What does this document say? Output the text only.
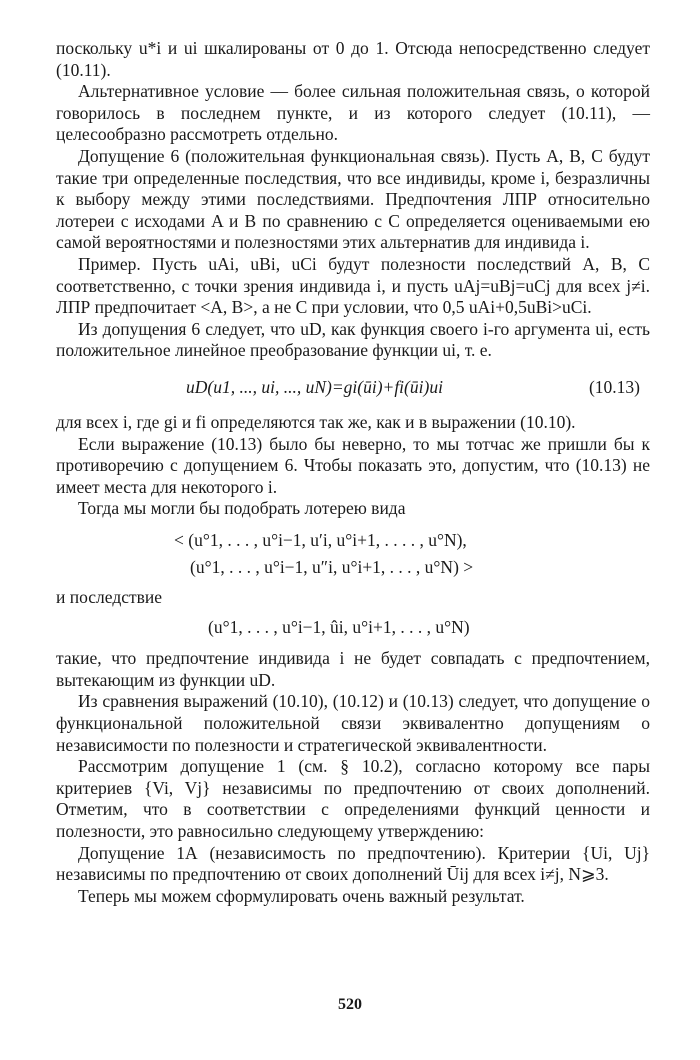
поскольку u*i и ui шкалированы от 0 до 1. Отсюда непосредственно следует (10.11).

Альтернативное условие — более сильная положительная связь, о которой говорилось в последнем пункте, и из которого следует (10.11), — целесообразно рассмотреть отдельно.

Допущение 6 (положительная функциональная связь). Пусть A, B, C будут такие три определенные последствия, что все индивиды, кроме i, безразличны к выбору между этими последствиями. Предпочтения ЛПР относительно лотереи с исходами A и B по сравнению с C определяется оцениваемыми ею самой вероятностями и полезностями этих альтернатив для индивида i.

Пример. Пусть uAi, uBi, uCi будут полезности последствий A, B, C соответственно, с точки зрения индивида i, и пусть uAj=uBj=uCj для всех j≠i. ЛПР предпочитает <A, B>, а не C при условии, что 0,5 uAi+0,5uBi>uCi.

Из допущения 6 следует, что uD, как функция своего i-го аргумента ui, есть положительное линейное преобразование функции ui, т. е.

uD(u1, ..., ui, ..., uN)=gi(ūi)+fi(ūi)ui	(10.13)

для всех i, где gi и fi определяются так же, как и в выражении (10.10).

Если выражение (10.13) было бы неверно, то мы тотчас же пришли бы к противоречию с допущением 6. Чтобы показать это, допустим, что (10.13) не имеет места для некоторого i.

Тогда мы могли бы подобрать лотерею вида

< (u°1, . . . , u°i−1, u′i, u°i+1, . . . . , u°N),

(u°1, . . . , u°i−1, u″i, u°i+1, . . . , u°N) >

и последствие

(u°1, . . . , u°i−1, ûi, u°i+1, . . . , u°N)

такие, что предпочтение индивида i не будет совпадать с предпочтением, вытекающим из функции uD.

Из сравнения выражений (10.10), (10.12) и (10.13) следует, что допущение о функциональной положительной связи эквивалентно допущениям о независимости по полезности и стратегической эквивалентности.

Рассмотрим допущение 1 (см. § 10.2), согласно которому все пары критериев {Vi, Vj} независимы по предпочтению от своих дополнений. Отметим, что в соответствии с определениями функций ценности и полезности, это равносильно следующему утверждению:

Допущение 1А (независимость по предпочтению). Критерии {Ui, Uj} независимы по предпочтению от своих дополнений Ūij для всех i≠j, N⩾3.

Теперь мы можем сформулировать очень важный результат.

520
